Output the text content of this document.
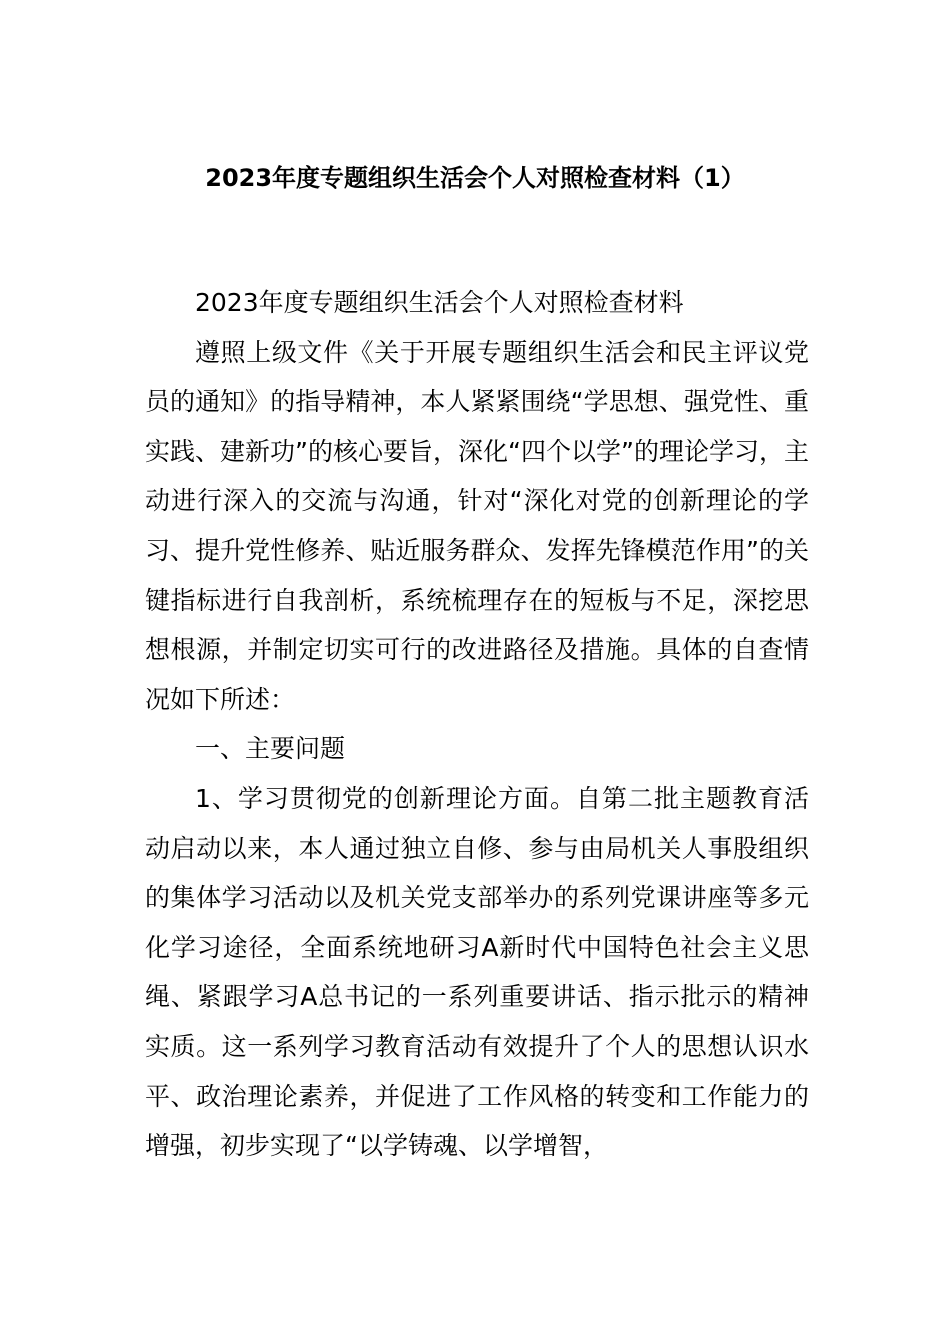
2023年度专题组织生活会个人对照检查材料（1）

2023年度专题组织生活会个人对照检查材料

遵照上级文件《关于开展专题组织生活会和民主评议党员的通知》的指导精神，本人紧紧围绕“学思想、强党性、重实践、建新功”的核心要旨，深化“四个以学”的理论学习，主动进行深入的交流与沟通，针对“深化对党的创新理论的学习、提升党性修养、贴近服务群众、发挥先锋模范作用”的关键指标进行自我剖析，系统梳理存在的短板与不足，深挖思想根源，并制定切实可行的改进路径及措施。具体的自查情况如下所述：

一、主要问题

1、学习贯彻党的创新理论方面。自第二批主题教育活动启动以来，本人通过独立自修、参与由局机关人事股组织的集体学习活动以及机关党支部举办的系列党课讲座等多元化学习途径，全面系统地研习A新时代中国特色社会主义思绳、紧跟学习A总书记的一系列重要讲话、指示批示的精神实质。这一系列学习教育活动有效提升了个人的思想认识水平、政治理论素养，并促进了工作风格的转变和工作能力的增强，初步实现了“以学铸魂、以学增智，
